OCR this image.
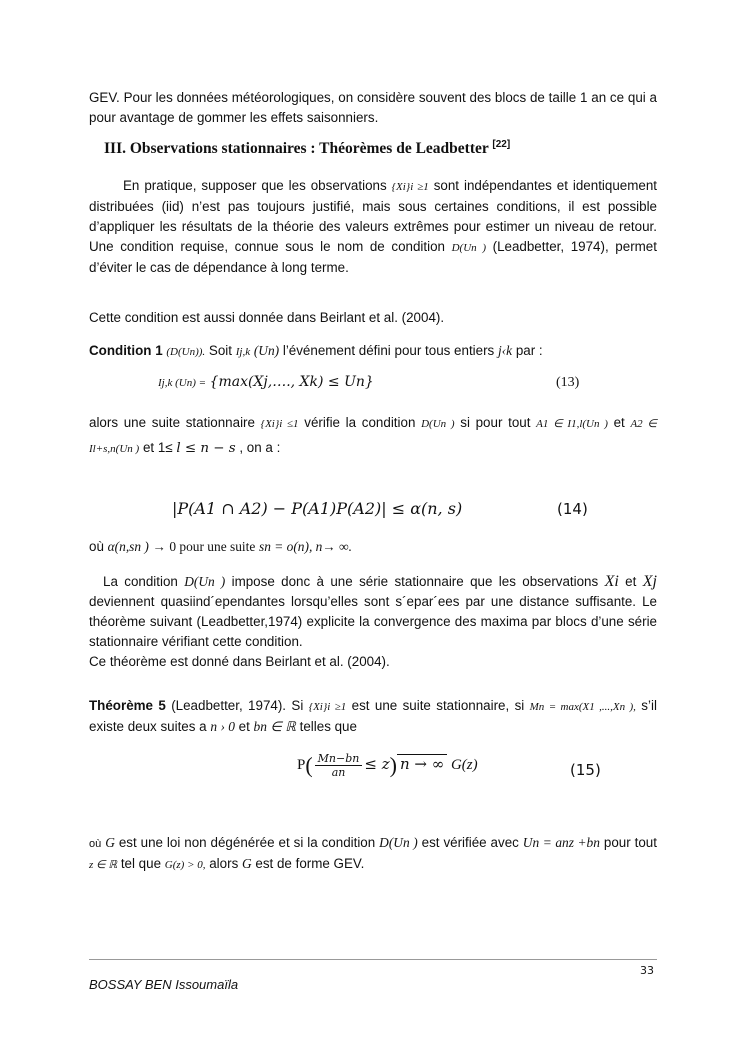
GEV. Pour les données météorologiques, on considère souvent des blocs de taille 1 an ce qui a pour avantage de gommer les effets saisonniers.
III. Observations stationnaires : Théorèmes de Leadbetter [22]
En pratique, supposer que les observations {Xi}i ≥1 sont indépendantes et identiquement distribuées (iid) n’est pas toujours justifié, mais sous certaines conditions, il est possible d’appliquer les résultats de la théorie des valeurs extrêmes pour estimer un niveau de retour. Une condition requise, connue sous le nom de condition D(Un ) (Leadbetter, 1974), permet d’éviter le cas de dépendance à long terme.
Cette condition est aussi donnée dans Beirlant et al. (2004).
Condition 1 (D(Un)). Soit Ij,k (Un) l’événement défini pour tous entiers j‹k par :
Ij,k (Un) = {max(Xj,…., Xk) ≤ Un}	(13)
alors une suite stationnaire {Xi}i ≤1 vérifie la condition D(Un ) si pour tout A1 ∈ I1,l(Un ) et A2 ∈ Il+s,n(Un ) et 1≤ l ≤ n − s , on a :
|P(A1 ∩ A2) − P(A1)P(A2)| ≤ α(n, s)	(14)
où α(n,sn ) → 0 pour une suite sn = o(n), n→ ∞.
La condition D(Un ) impose donc à une série stationnaire que les observations Xi et Xj deviennent quasiind´ependantes lorsqu’elles sont s´epar´ees par une distance suffisante. Le théorème suivant (Leadbetter,1974) explicite la convergence des maxima par blocs d’une série stationnaire vérifiant cette condition.
Ce théorème est donné dans Beirlant et al. (2004).
Théorème 5 (Leadbetter, 1974). Si {Xi}i ≥1 est une suite stationnaire, si Mn = max(X1 ,...,Xn ), s’il existe deux suites a n › 0 et bn ∈ ℝ telles que
$P( \frac{Mn-bn}{an} \le z)$ n → ∞ G(z)	(15)
où G est une loi non dégénérée et si la condition D(Un ) est vérifiée avec Un = anz +bn pour tout z ∈ ℝ tel que G(z) > 0, alors G est de forme GEV.
33
BOSSAY BEN Issoumaïla
